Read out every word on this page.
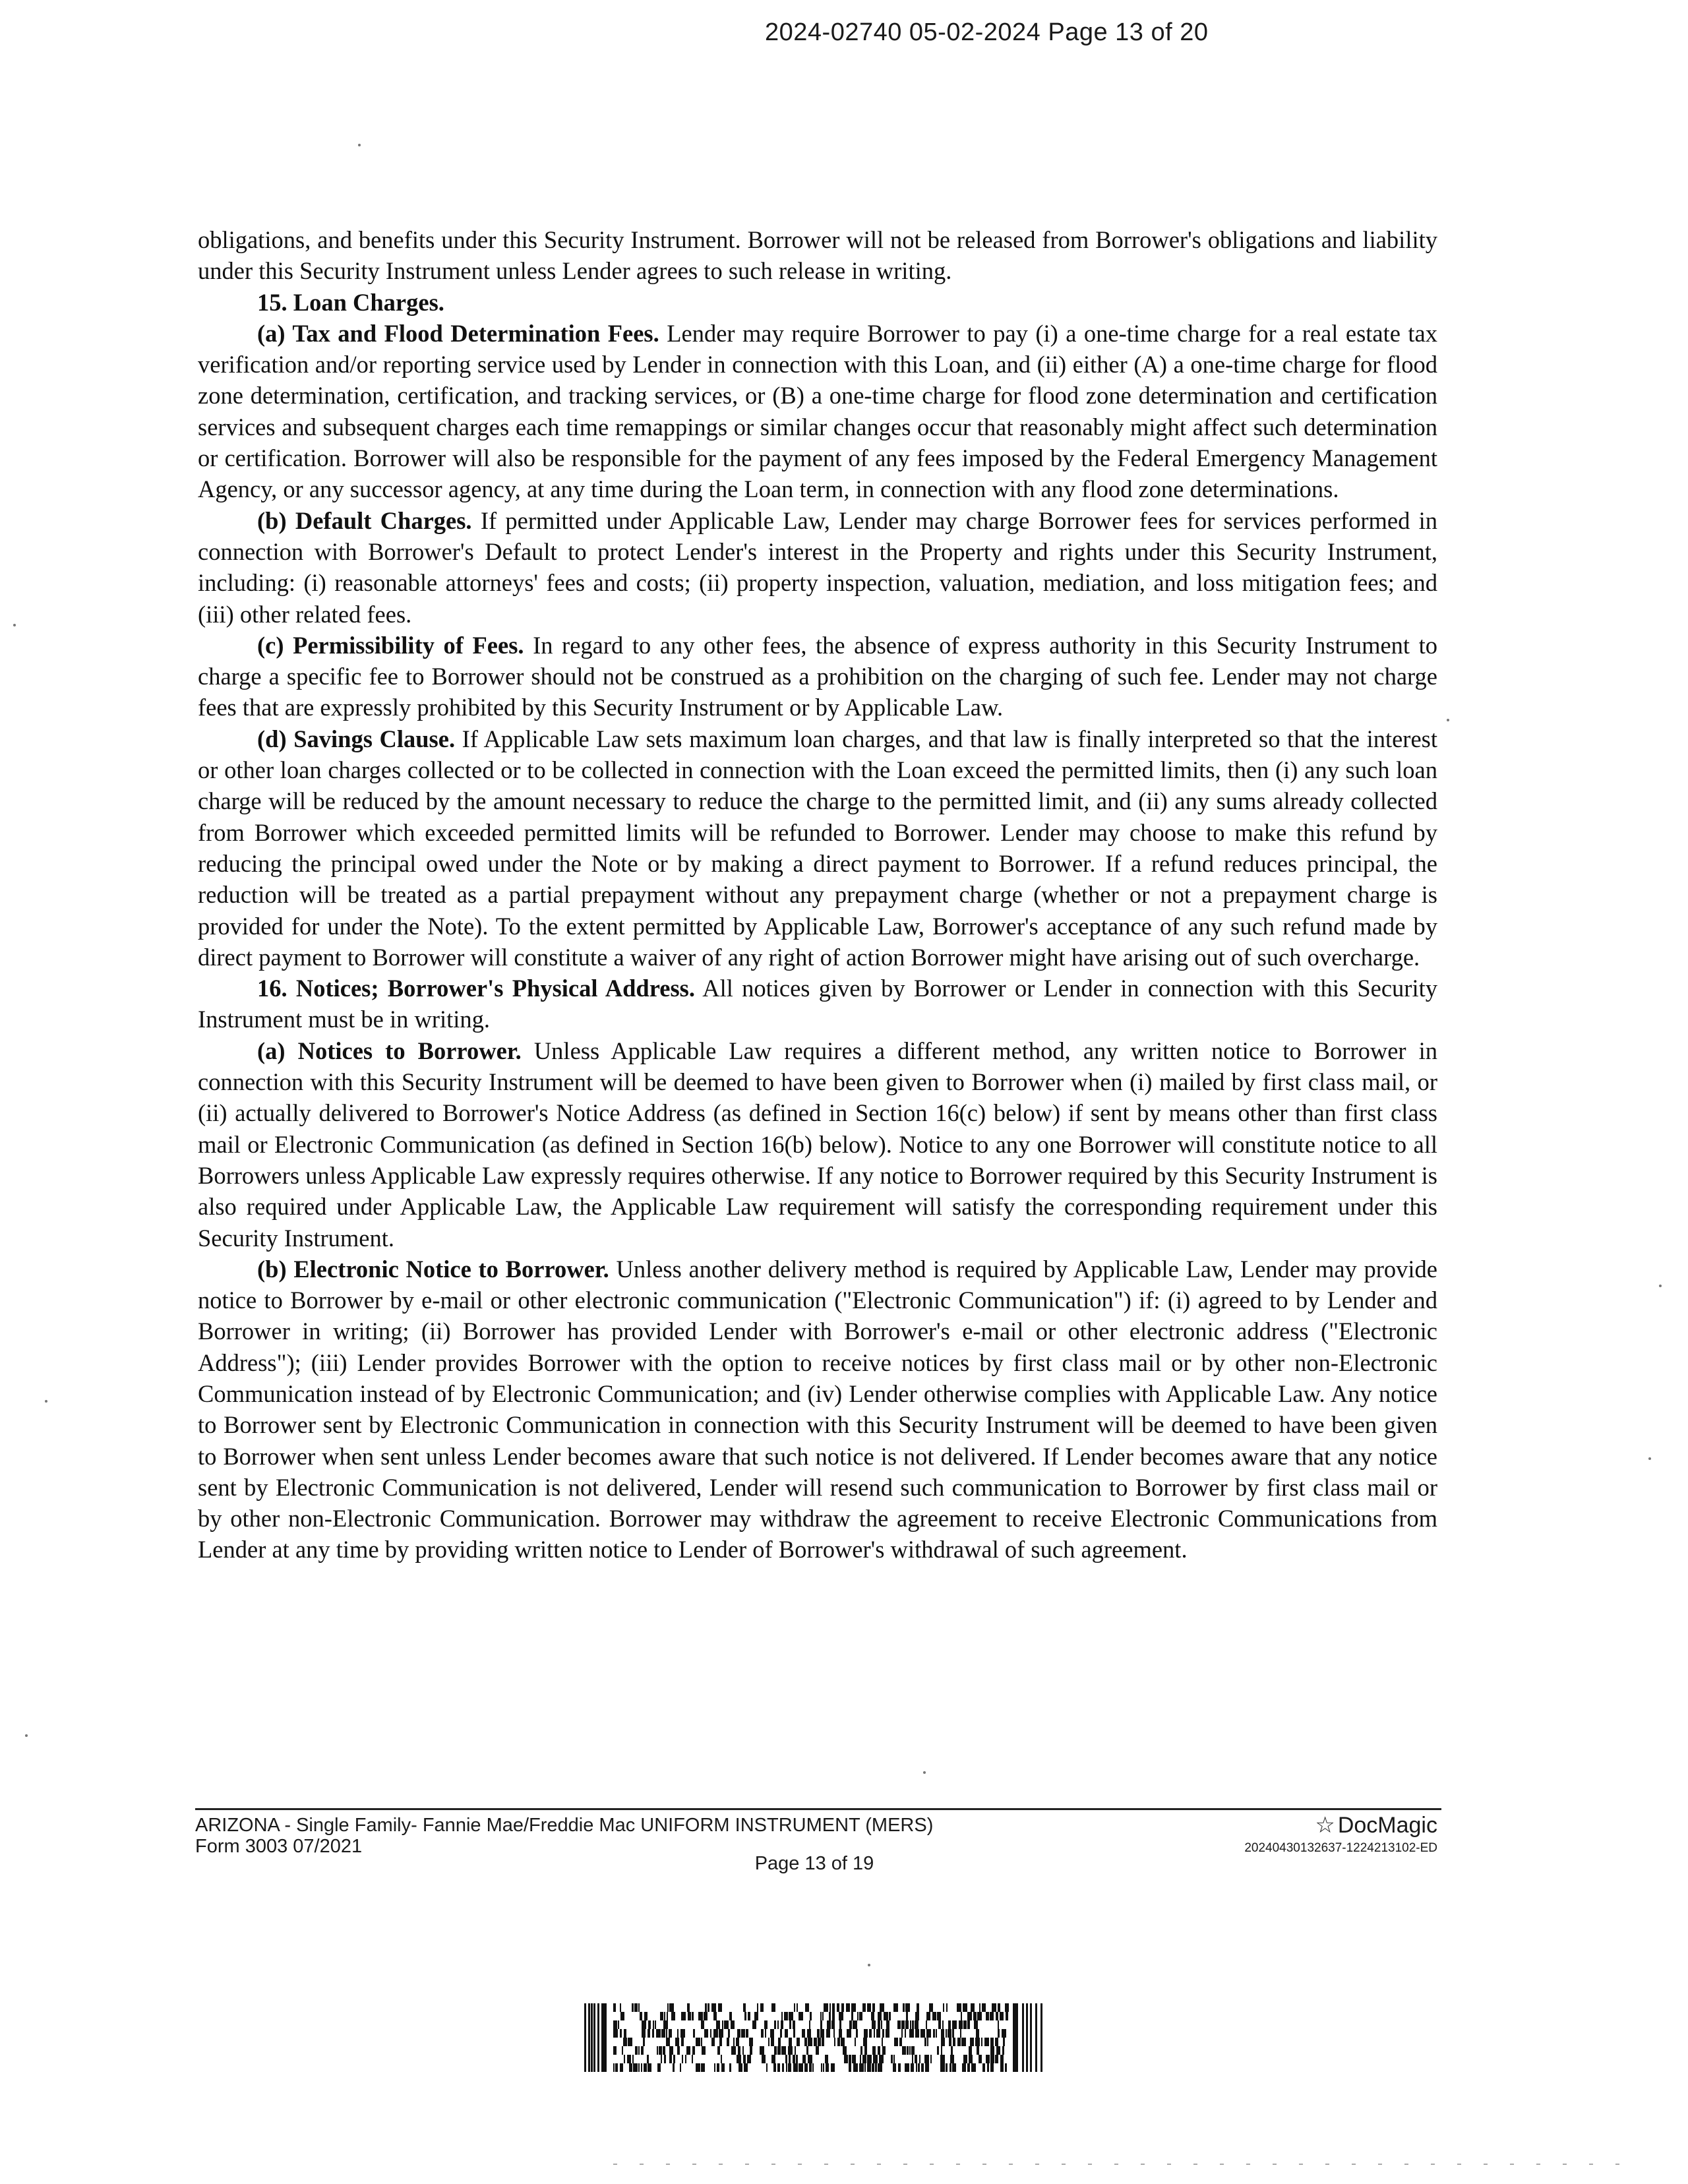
2024-02740 05-02-2024 Page 13 of 20

obligations, and benefits under this Security Instrument. Borrower will not be released from Borrower's obligations and liability under this Security Instrument unless Lender agrees to such release in writing.

15. Loan Charges.

(a) Tax and Flood Determination Fees. Lender may require Borrower to pay (i) a one-time charge for a real estate tax verification and/or reporting service used by Lender in connection with this Loan, and (ii) either (A) a one-time charge for flood zone determination, certification, and tracking services, or (B) a one-time charge for flood zone determination and certification services and subsequent charges each time remappings or similar changes occur that reasonably might affect such determination or certification. Borrower will also be responsible for the payment of any fees imposed by the Federal Emergency Management Agency, or any successor agency, at any time during the Loan term, in connection with any flood zone determinations.

(b) Default Charges. If permitted under Applicable Law, Lender may charge Borrower fees for services performed in connection with Borrower's Default to protect Lender's interest in the Property and rights under this Security Instrument, including: (i) reasonable attorneys' fees and costs; (ii) property inspection, valuation, mediation, and loss mitigation fees; and (iii) other related fees.

(c) Permissibility of Fees. In regard to any other fees, the absence of express authority in this Security Instrument to charge a specific fee to Borrower should not be construed as a prohibition on the charging of such fee. Lender may not charge fees that are expressly prohibited by this Security Instrument or by Applicable Law.

(d) Savings Clause. If Applicable Law sets maximum loan charges, and that law is finally interpreted so that the interest or other loan charges collected or to be collected in connection with the Loan exceed the permitted limits, then (i) any such loan charge will be reduced by the amount necessary to reduce the charge to the permitted limit, and (ii) any sums already collected from Borrower which exceeded permitted limits will be refunded to Borrower. Lender may choose to make this refund by reducing the principal owed under the Note or by making a direct payment to Borrower. If a refund reduces principal, the reduction will be treated as a partial prepayment without any prepayment charge (whether or not a prepayment charge is provided for under the Note). To the extent permitted by Applicable Law, Borrower's acceptance of any such refund made by direct payment to Borrower will constitute a waiver of any right of action Borrower might have arising out of such overcharge.

16. Notices; Borrower's Physical Address. All notices given by Borrower or Lender in connection with this Security Instrument must be in writing.

(a) Notices to Borrower. Unless Applicable Law requires a different method, any written notice to Borrower in connection with this Security Instrument will be deemed to have been given to Borrower when (i) mailed by first class mail, or (ii) actually delivered to Borrower's Notice Address (as defined in Section 16(c) below) if sent by means other than first class mail or Electronic Communication (as defined in Section 16(b) below). Notice to any one Borrower will constitute notice to all Borrowers unless Applicable Law expressly requires otherwise. If any notice to Borrower required by this Security Instrument is also required under Applicable Law, the Applicable Law requirement will satisfy the corresponding requirement under this Security Instrument.

(b) Electronic Notice to Borrower. Unless another delivery method is required by Applicable Law, Lender may provide notice to Borrower by e-mail or other electronic communication ("Electronic Communication") if: (i) agreed to by Lender and Borrower in writing; (ii) Borrower has provided Lender with Borrower's e-mail or other electronic address ("Electronic Address"); (iii) Lender provides Borrower with the option to receive notices by first class mail or by other non-Electronic Communication instead of by Electronic Communication; and (iv) Lender otherwise complies with Applicable Law. Any notice to Borrower sent by Electronic Communication in connection with this Security Instrument will be deemed to have been given to Borrower when sent unless Lender becomes aware that such notice is not delivered. If Lender becomes aware that any notice sent by Electronic Communication is not delivered, Lender will resend such communication to Borrower by first class mail or by other non-Electronic Communication. Borrower may withdraw the agreement to receive Electronic Communications from Lender at any time by providing written notice to Lender of Borrower's withdrawal of such agreement.

ARIZONA - Single Family- Fannie Mae/Freddie Mac UNIFORM INSTRUMENT (MERS)
Form 3003 07/2021
Page 13 of 19
☆ DocMagic
20240430132637-1224213102-ED
